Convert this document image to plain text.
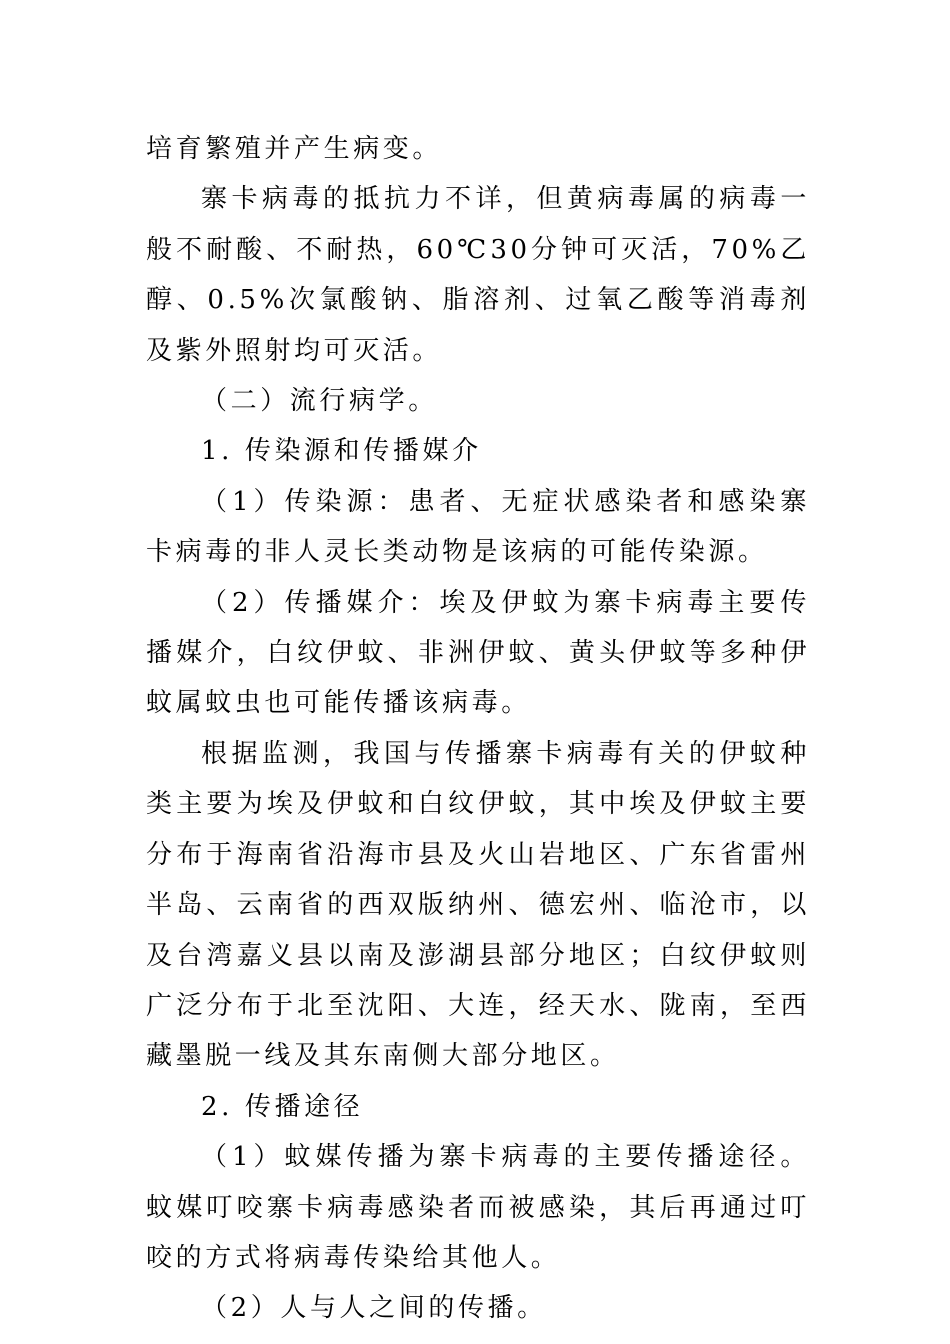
培育繁殖并产生病变。

寨卡病毒的抵抗力不详，但黄病毒属的病毒一般不耐酸、不耐热，60℃30分钟可灭活，70%乙醇、0.5%次氯酸钠、脂溶剂、过氧乙酸等消毒剂及紫外照射均可灭活。

（二）流行病学。

1. 传染源和传播媒介

（1）传染源：患者、无症状感染者和感染寨卡病毒的非人灵长类动物是该病的可能传染源。

（2）传播媒介：埃及伊蚊为寨卡病毒主要传播媒介，白纹伊蚊、非洲伊蚊、黄头伊蚊等多种伊蚊属蚊虫也可能传播该病毒。

根据监测，我国与传播寨卡病毒有关的伊蚊种类主要为埃及伊蚊和白纹伊蚊，其中埃及伊蚊主要分布于海南省沿海市县及火山岩地区、广东省雷州半岛、云南省的西双版纳州、德宏州、临沧市，以及台湾嘉义县以南及澎湖县部分地区；白纹伊蚊则广泛分布于北至沈阳、大连，经天水、陇南，至西藏墨脱一线及其东南侧大部分地区。

2. 传播途径

（1）蚊媒传播为寨卡病毒的主要传播途径。蚊媒叮咬寨卡病毒感染者而被感染，其后再通过叮咬的方式将病毒传染给其他人。

（2）人与人之间的传播。
